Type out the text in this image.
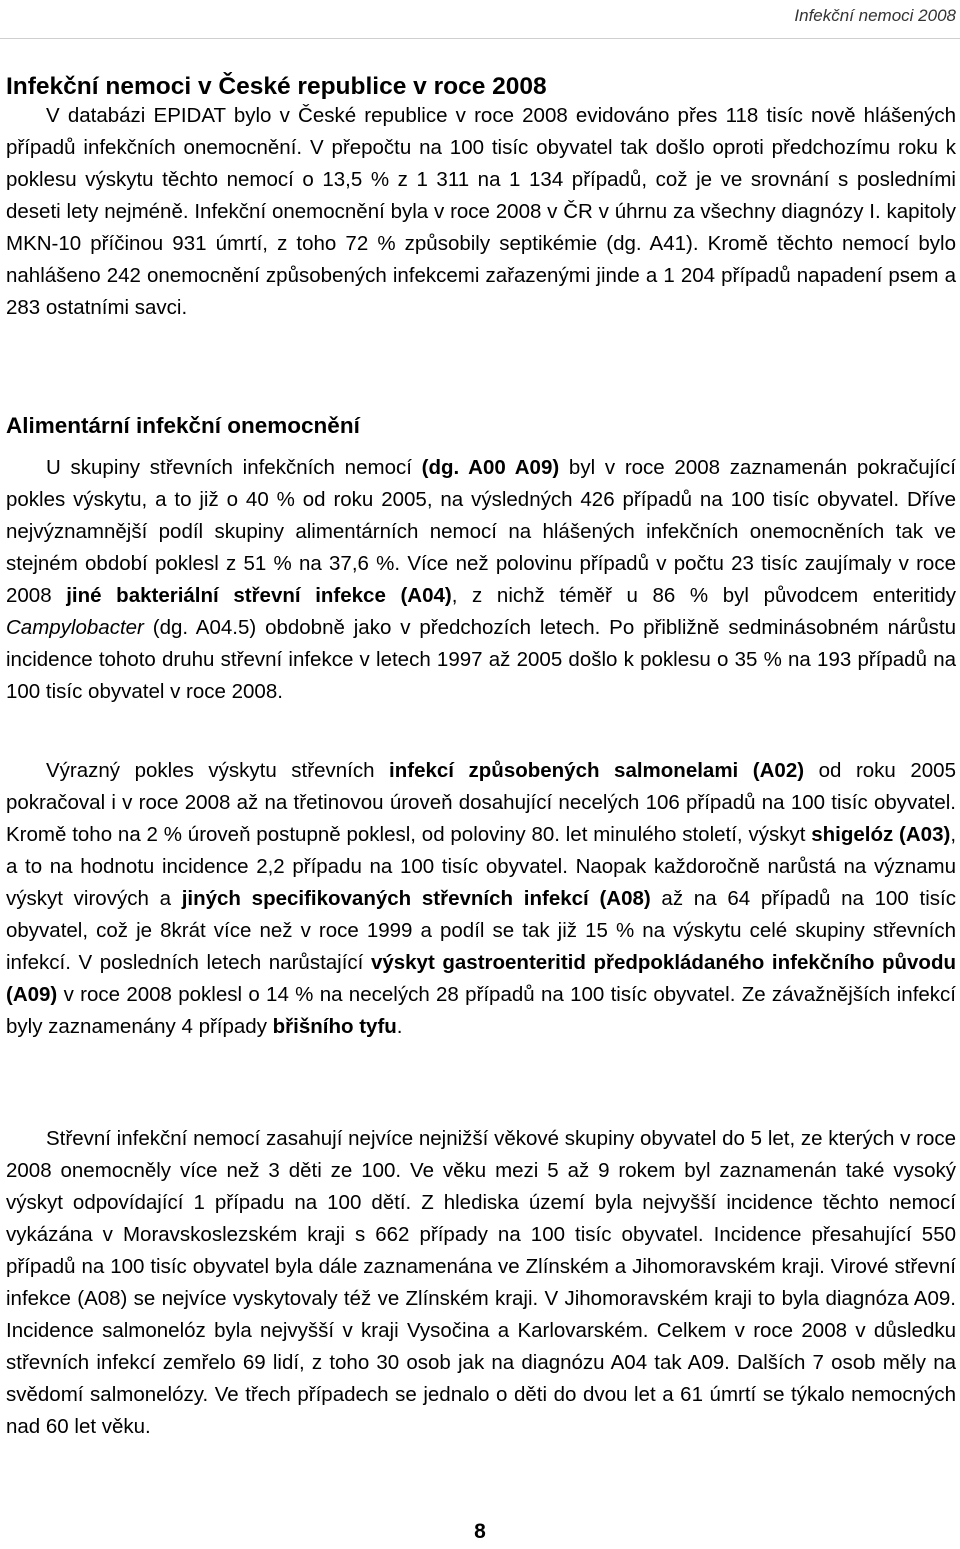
Infekční nemoci 2008
Infekční nemoci v České republice v roce 2008

V databázi EPIDAT bylo v České republice v roce 2008 evidováno přes 118 tisíc nově hlášených případů infekčních onemocnění. V přepočtu na 100 tisíc obyvatel tak došlo oproti předchozímu roku k poklesu výskytu těchto nemocí o 13,5 % z 1 311 na 1 134 případů, což je ve srovnání s posledními deseti lety nejméně. Infekční onemocnění byla v roce 2008 v ČR v úhrnu za všechny diagnózy I. kapitoly MKN-10 příčinou 931 úmrtí, z toho 72 % způsobily septikémie (dg. A41). Kromě těchto nemocí bylo nahlášeno 242 onemocnění způsobených infekcemi zařazenými jinde a 1 204 případů napadení psem a 283 ostatními savci.

Alimentární infekční onemocnění

U skupiny střevních infekčních nemocí (dg. A00 A09) byl v roce 2008 zaznamenán pokračující pokles výskytu, a to již o 40 % od roku 2005, na výsledných 426 případů na 100 tisíc obyvatel. Dříve nejvýznamnější podíl skupiny alimentárních nemocí na hlášených infekčních onemocněních tak ve stejném období poklesl z 51 % na 37,6 %. Více než polovinu případů v počtu 23 tisíc zaujímaly v roce 2008 jiné bakteriální střevní infekce (A04), z nichž téměř u 86 % byl původcem enteritidy Campylobacter (dg. A04.5) obdobně jako v předchozích letech. Po přibližně sedminásobném nárůstu incidence tohoto druhu střevní infekce v letech 1997 až 2005 došlo k poklesu o 35 % na 193 případů na 100 tisíc obyvatel v roce 2008.

Výrazný pokles výskytu střevních infekcí způsobených salmonelami (A02) od roku 2005 pokračoval i v roce 2008 až na třetinovou úroveň dosahující necelých 106 případů na 100 tisíc obyvatel. Kromě toho na 2 % úroveň postupně poklesl, od poloviny 80. let minulého století, výskyt shigelóz (A03), a to na hodnotu incidence 2,2 případu na 100 tisíc obyvatel. Naopak každoročně narůstá na významu výskyt virových a jiných specifikovaných střevních infekcí (A08) až na 64 případů na 100 tisíc obyvatel, což je 8krát více než v roce 1999 a podíl se tak již 15 % na výskytu celé skupiny střevních infekcí. V posledních letech narůstající výskyt gastroenteritid předpokládaného infekčního původu (A09) v roce 2008 poklesl o 14 % na necelých 28 případů na 100 tisíc obyvatel. Ze závažnějších infekcí byly zaznamenány 4 případy břišního tyfu.

Střevní infekční nemocí zasahují nejvíce nejnižší věkové skupiny obyvatel do 5 let, ze kterých v roce 2008 onemocněly více než 3 děti ze 100. Ve věku mezi 5 až 9 rokem byl zaznamenán také vysoký výskyt odpovídající 1 případu na 100 dětí. Z hlediska území byla nejvyšší incidence těchto nemocí vykázána v Moravskoslezském kraji s 662 případy na 100 tisíc obyvatel. Incidence přesahující 550 případů na 100 tisíc obyvatel byla dále zaznamenána ve Zlínském a Jihomoravském kraji. Virové střevní infekce (A08) se nejvíce vyskytovaly též ve Zlínském kraji. V Jihomoravském kraji to byla diagnóza A09. Incidence salmonelóz byla nejvyšší v kraji Vysočina a Karlovarském. Celkem v roce 2008 v důsledku střevních infekcí zemřelo 69 lidí, z toho 30 osob jak na diagnózu A04 tak A09. Dalších 7 osob měly na svědomí salmonelózy. Ve třech případech se jednalo o děti do dvou let a 61 úmrtí se týkalo nemocných nad 60 let věku.

8
